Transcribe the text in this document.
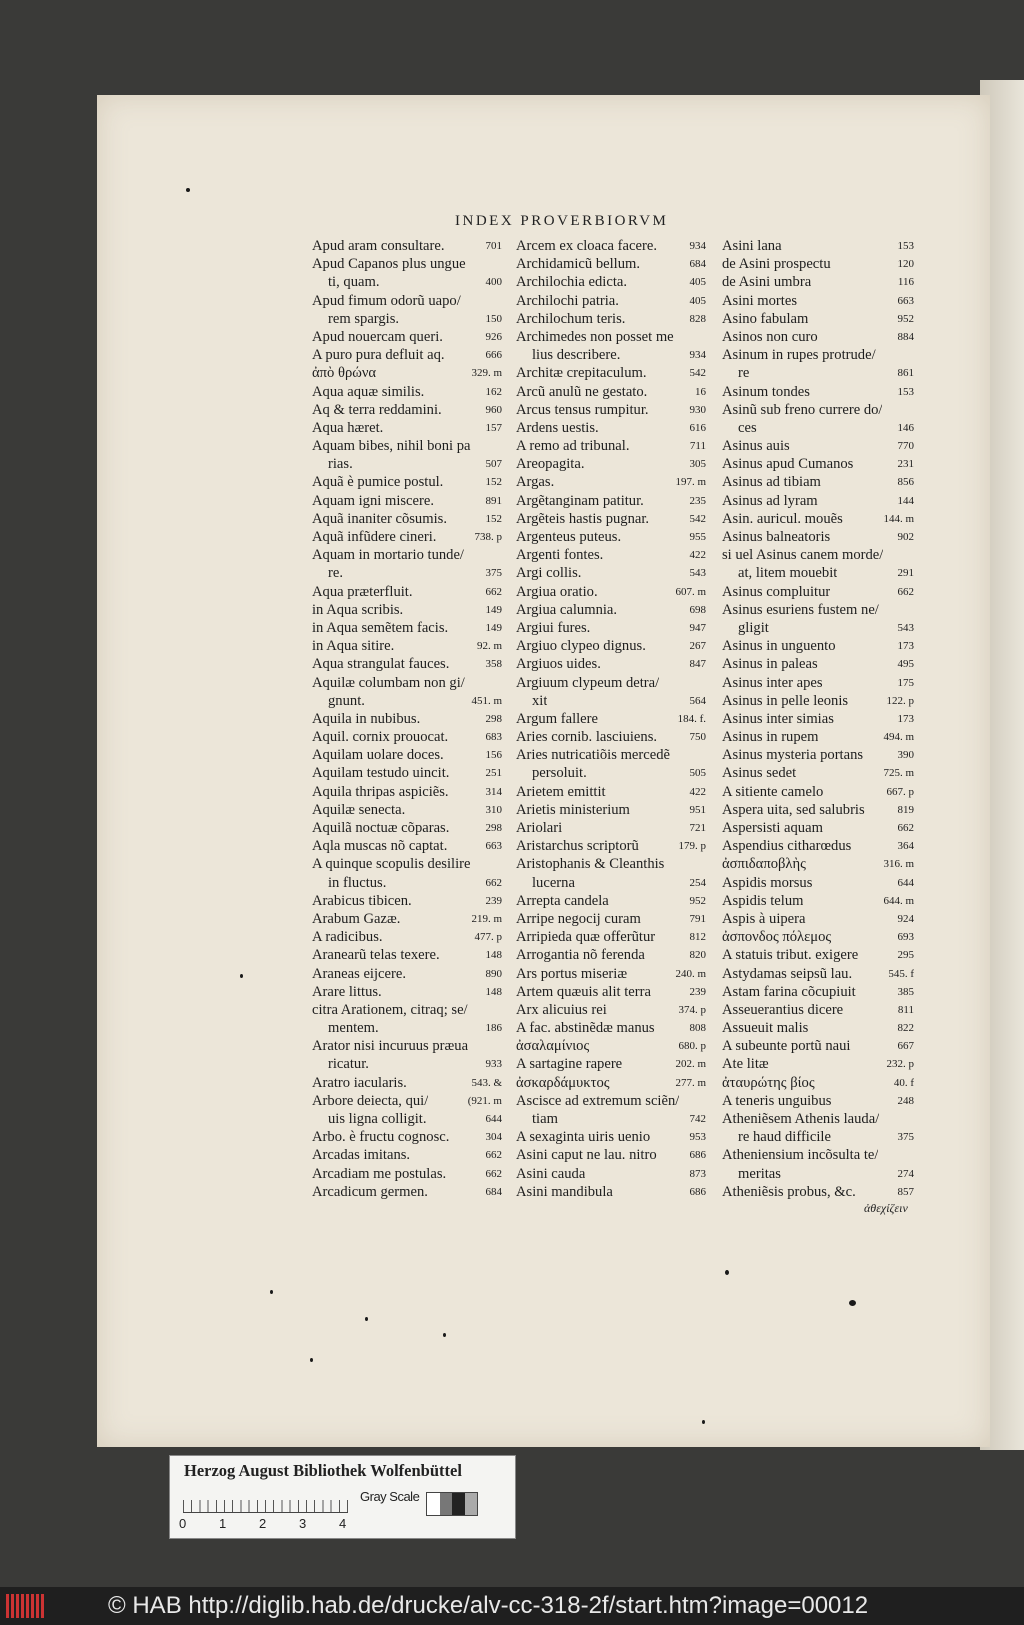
INDEX PROVERBIORVM
Apud aram consultare.	701
Apud Capanos plus ungue
ti, quam.	400
Apud fimum odorũ uapo/
rem spargis.	150
Apud nouercam queri.	926
A puro pura defluit aq.	666
ἀπὸ θρώνα	329. m
Aqua aquæ similis.	162
Aq & terra reddamini.	960
Aqua hæret.	157
Aquam bibes, nihil boni pa
rias.	507
Aquã è pumice postul.	152
Aquam igni miscere.	891
Aquã inaniter cõsumis.	152
Aquã infũdere cineri.	738. p
Aquam in mortario tunde/
re.	375
Aqua præterfluit.	662
in Aqua scribis.	149
in Aqua semẽtem facis.	149
in Aqua sitire.	92. m
Aqua strangulat fauces.	358
Aquilæ columbam non gi/
gnunt.	451. m
Aquila in nubibus.	298
Aquil. cornix prouocat.	683
Aquilam uolare doces.	156
Aquilam testudo uincit.	251
Aquila thripas aspiciẽs.	314
Aquilæ senecta.	310
Aquilã noctuæ cõparas.	298
Aqla muscas nõ captat.	663
A quinque scopulis desilire
in fluctus.	662
Arabicus tibicen.	239
Arabum Gazæ.	219. m
A radicibus.	477. p
Aranearũ telas texere.	148
Araneas eijcere.	890
Arare littus.	148
citra Arationem, citraq; se/
mentem.	186
Arator nisi incuruus præua
ricatur.	933
Aratro iacularis.	543. &
Arbore deiecta, qui/	(921. m
uis ligna colligit.	644
Arbo. è fructu cognosc.	304
Arcadas imitans.	662
Arcadiam me postulas.	662
Arcadicum germen.	684
Arcem ex cloaca facere.	934
Archidamicũ bellum.	684
Archilochia edicta.	405
Archilochi patria.	405
Archilochum teris.	828
Archimedes non posset me
lius describere.	934
Architæ crepitaculum.	542
Arcũ anulũ ne gestato.	16
Arcus tensus rumpitur.	930
Ardens uestis.	616
A remo ad tribunal.	711
Areopagita.	305
Argas.	197. m
Argẽtanginam patitur.	235
Argẽteis hastis pugnar.	542
Argenteus puteus.	955
Argenti fontes.	422
Argi collis.	543
Argiua oratio.	607. m
Argiua calumnia.	698
Argiui fures.	947
Argiuo clypeo dignus.	267
Argiuos uides.	847
Argiuum clypeum detra/
xit	564
Argum fallere	184. f.
Aries cornib. lasciuiens.	750
Aries nutricatiõis mercedẽ
persoluit.	505
Arietem emittit	422
Arietis ministerium	951
Ariolari	721
Aristarchus scriptorũ	179. p
Aristophanis & Cleanthis
lucerna	254
Arrepta candela	952
Arripe negocij curam	791
Arripieda quæ offerũtur	812
Arrogantia nõ ferenda	820
Ars portus miseriæ	240. m
Artem quæuis alit terra	239
Arx alicuius rei	374. p
A fac. abstinẽdæ manus	808
ἀσαλαμίνιος	680. p
A sartagine rapere	202. m
ἀσκαρδάμυκτος	277. m
Ascisce ad extremum sciẽn/
tiam	742
A sexaginta uiris uenio	953
Asini caput ne lau. nitro	686
Asini cauda	873
Asini mandibula	686
Asini lana	153
de Asini prospectu	120
de Asini umbra	116
Asini mortes	663
Asino fabulam	952
Asinos non curo	884
Asinum in rupes protrude/
re	861
Asinum tondes	153
Asinũ sub freno currere do/
ces	146
Asinus auis	770
Asinus apud Cumanos	231
Asinus ad tibiam	856
Asinus ad lyram	144
Asin. auricul. mouẽs	144. m
Asinus balneatoris	902
si uel Asinus canem morde/
at, litem mouebit	291
Asinus compluitur	662
Asinus esuriens fustem ne/
gligit	543
Asinus in unguento	173
Asinus in paleas	495
Asinus inter apes	175
Asinus in pelle leonis	122. p
Asinus inter simias	173
Asinus in rupem	494. m
Asinus mysteria portans	390
Asinus sedet	725. m
A sitiente camelo	667. p
Aspera uita, sed salubris	819
Aspersisti aquam	662
Aspendius citharœdus	364
ἀσπιδαποβλὴς	316. m
Aspidis morsus	644
Aspidis telum	644. m
Aspis à uipera	924
ἀσπονδος πόλεμος	693
A statuis tribut. exigere	295
Astydamas seipsũ lau.	545. f
Astam farina cõcupiuit	385
Asseuerantius dicere	811
Assueuit malis	822
A subeunte portũ naui	667
Ate litæ	232. p
ἀταυρώτης βίος	40. f
A teneris unguibus	248
Atheniẽsem Athenis lauda/
re haud difficile	375
Atheniensium incõsulta te/
meritas	274
Atheniẽsis probus, &c.	857
ἀθεχίζειν
Herzog August Bibliothek Wolfenbüttel
0	1	2	3	4
Gray Scale
© HAB http://diglib.hab.de/drucke/alv-cc-318-2f/start.htm?image=00012
